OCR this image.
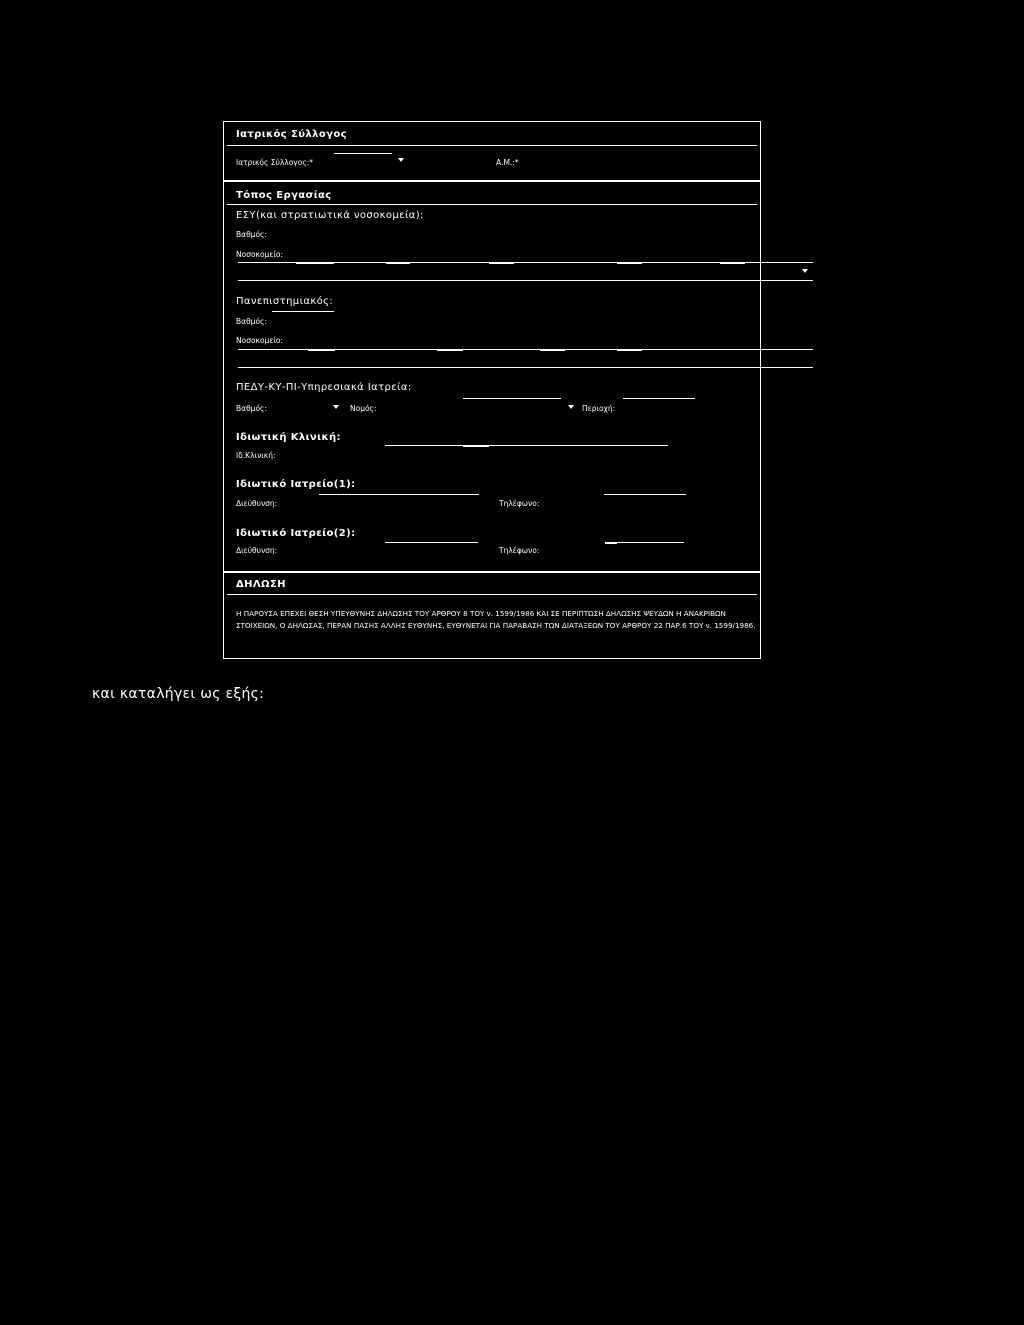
Ιατρικός Σύλλογος
Ιατρικός Σύλλογος:*	Α.Μ.:*
Τόπος Εργασίας
ΕΣΥ(και στρατιωτικά νοσοκομεία):
Βαθμός:
Νοσοκομείο:
Πανεπιστημιακός:
Βαθμός:
Νοσοκομείο:
ΠΕΔΥ-ΚΥ-ΠΙ-Υπηρεσιακά Ιατρεία:
Βαθμός:	Νομός:	Περιοχή:
Ιδιωτική Κλινική:
Ιδ.Κλινική:
Ιδιωτικό Ιατρείο(1):
Διεύθυνση:	Τηλέφωνο:
Ιδιωτικό Ιατρείο(2):
Διεύθυνση:	Τηλέφωνο:
ΔΗΛΩΣΗ
Η ΠΑΡΟΥΣΑ ΕΠΕΧΕΙ ΘΕΣΗ ΥΠΕΥΘΥΝΗΣ ΔΗΛΩΣΗΣ ΤΟΥ ΑΡΘΡΟΥ 8 ΤΟΥ ν. 1599/1986 ΚΑΙ ΣΕ ΠΕΡΙΠΤΩΣΗ ΔΗΛΩΣΗΣ ΨΕΥΔΩΝ Η ΑΝΑΚΡΙΒΩΝ ΣΤΟΙΧΕΙΩΝ, Ο ΔΗΛΩΣΑΣ, ΠΕΡΑΝ ΠΑΣΗΣ ΑΛΛΗΣ ΕΥΘΥΝΗΣ, ΕΥΘΥΝΕΤΑΙ ΓΙΑ ΠΑΡΑΒΑΣΗ ΤΩΝ ΔΙΑΤΑΞΕΩΝ ΤΟΥ ΑΡΘΡΟΥ 22 ΠΑΡ.6 ΤΟΥ ν. 1599/1986.
και καταλήγει ως εξής:
